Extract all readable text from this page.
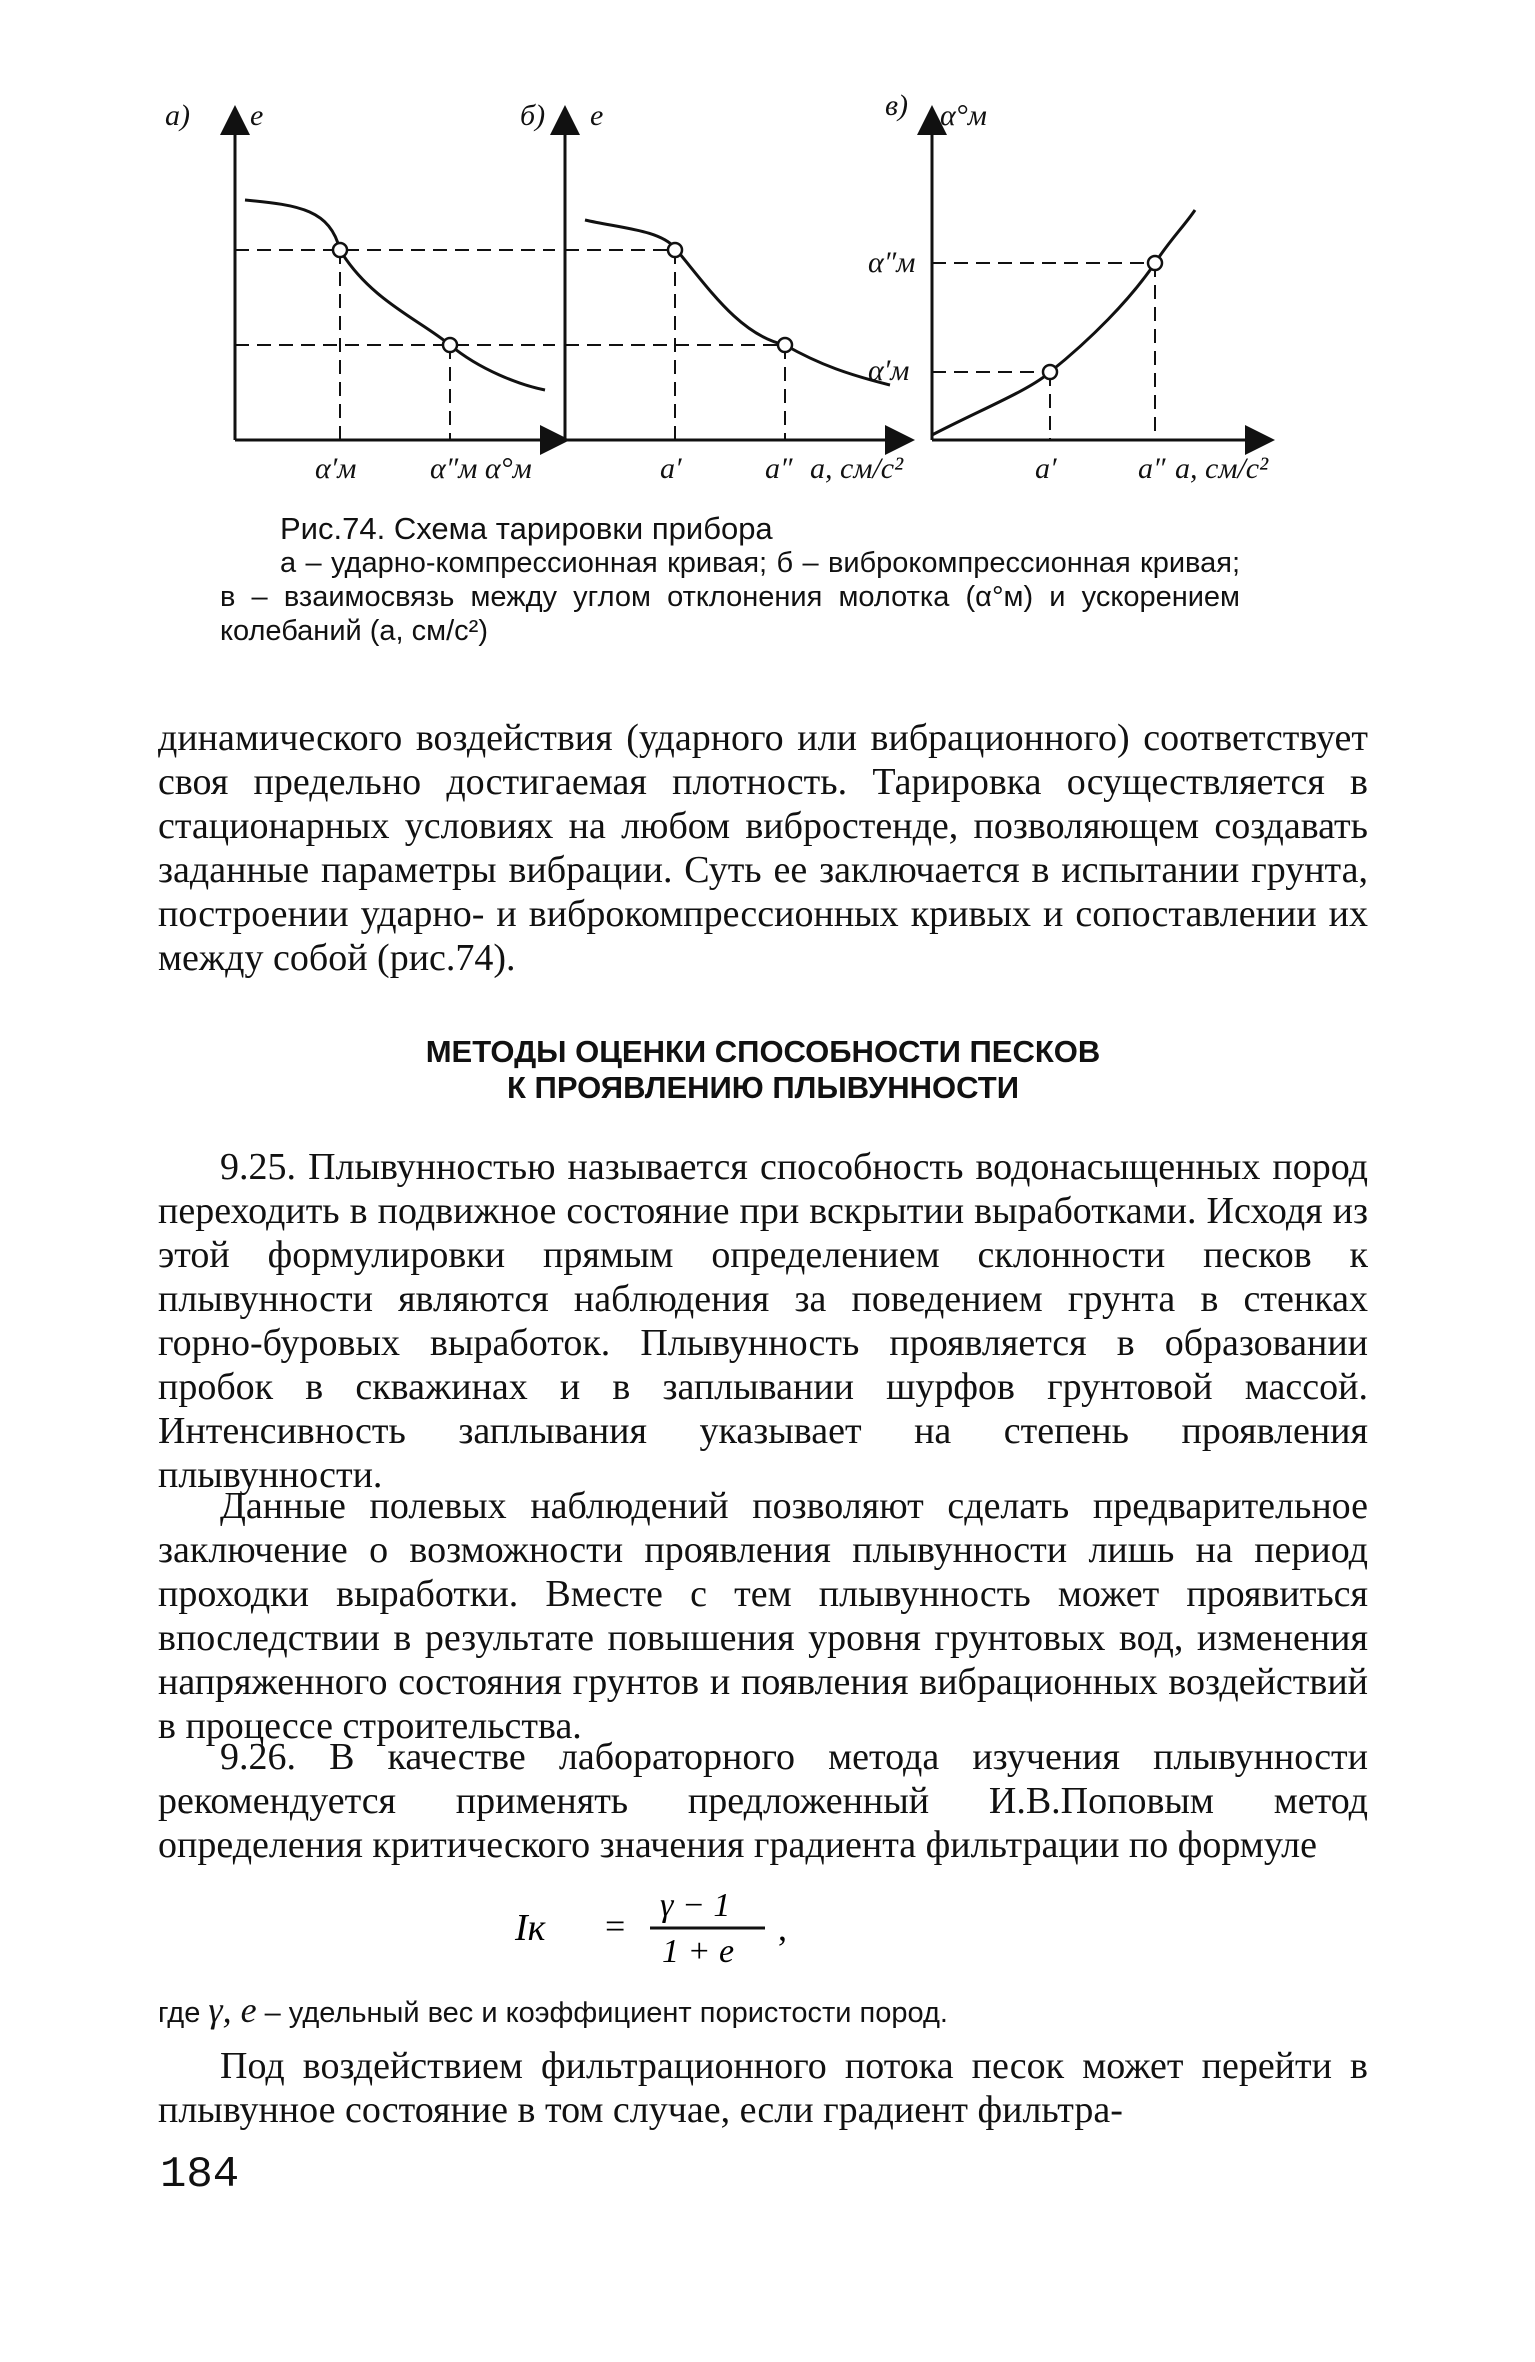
а) e
α′м α″м α°м
б) e
a′	a″ a, см/с²
в) α°м
α″м
α′м
a′	a″ a, см/с²
Рис.74. Схема тарировки прибора
а – ударно-компрессионная кривая; б – виброкомпрессионная кривая; в – взаимосвязь между углом отклонения молотка (α°м) и ускорением колебаний (а, см/с²)

динамического воздействия (ударного или вибрационного) соответствует своя предельно достигаемая плотность. Тарировка осуществляется в стационарных условиях на любом вибростенде, позволяющем создавать заданные параметры вибрации. Суть ее заключается в испытании грунта, построении ударно- и виброкомпрессионных кривых и сопоставлении их между собой (рис.74).

МЕТОДЫ ОЦЕНКИ СПОСОБНОСТИ ПЕСКОВ
К ПРОЯВЛЕНИЮ ПЛЫВУННОСТИ

9.25. Плывунностью называется способность водонасыщенных пород переходить в подвижное состояние при вскрытии выработками. Исходя из этой формулировки прямым определением склонности песков к плывунности являются наблюдения за поведением грунта в стенках горно-буровых выработок. Плывунность проявляется в образовании пробок в скважинах и в заплывании шурфов грунтовой массой. Интенсивность заплывания указывает на степень проявления плывунности.

Данные полевых наблюдений позволяют сделать предварительное заключение о возможности проявления плывунности лишь на период проходки выработки. Вместе с тем плывунность может проявиться впоследствии в результате повышения уровня грунтовых вод, изменения напряженного состояния грунтов и появления вибрационных воздействий в процессе строительства.

9.26. В качестве лабораторного метода изучения плывунности рекомендуется применять предложенный И.В.Поповым метод определения критического значения градиента фильтрации по формуле

Iк =
γ − 1
1 + e
,
где γ, e – удельный вес и коэффициент пористости пород.

Под воздействием фильтрационного потока песок может перейти в плывунное состояние в том случае, если градиент фильтра-

184
